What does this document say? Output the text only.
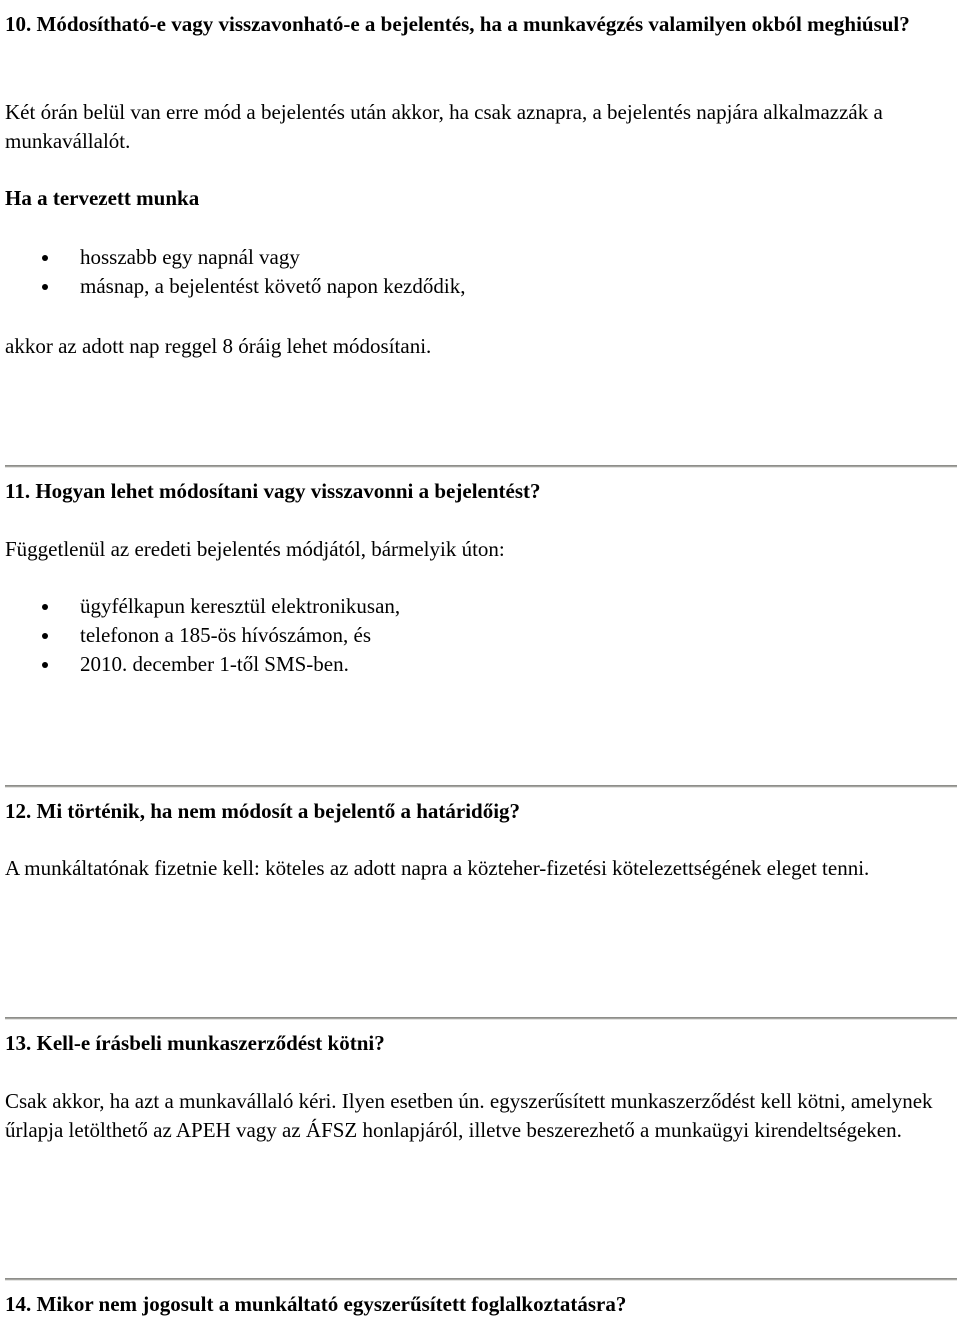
10. Módosítható-e vagy visszavonható-e a bejelentés, ha a munkavégzés valamilyen okból meghiúsul?

Két órán belül van erre mód a bejelentés után akkor, ha csak aznapra, a bejelentés napjára alkalmazzák a munkavállalót.

Ha a tervezett munka

hosszabb egy napnál vagy
másnap, a bejelentést követő napon kezdődik,

akkor az adott nap reggel 8 óráig lehet módosítani.

11. Hogyan lehet módosítani vagy visszavonni a bejelentést?

Függetlenül az eredeti bejelentés módjától, bármelyik úton:

ügyfélkapun keresztül elektronikusan,
telefonon a 185-ös hívószámon, és
2010. december 1-től SMS-ben.

12. Mi történik, ha nem módosít a bejelentő a határidőig?

A munkáltatónak fizetnie kell: köteles az adott napra a közteher-fizetési kötelezettségének eleget tenni.

13. Kell-e írásbeli munkaszerződést kötni?

Csak akkor, ha azt a munkavállaló kéri. Ilyen esetben ún. egyszerűsített munkaszerződést kell kötni, amelynek űrlapja letölthető az APEH vagy az ÁFSZ honlapjáról, illetve beszerezhető a munkaügyi kirendeltségeken.

14. Mikor nem jogosult a munkáltató egyszerűsített foglalkoztatásra?
